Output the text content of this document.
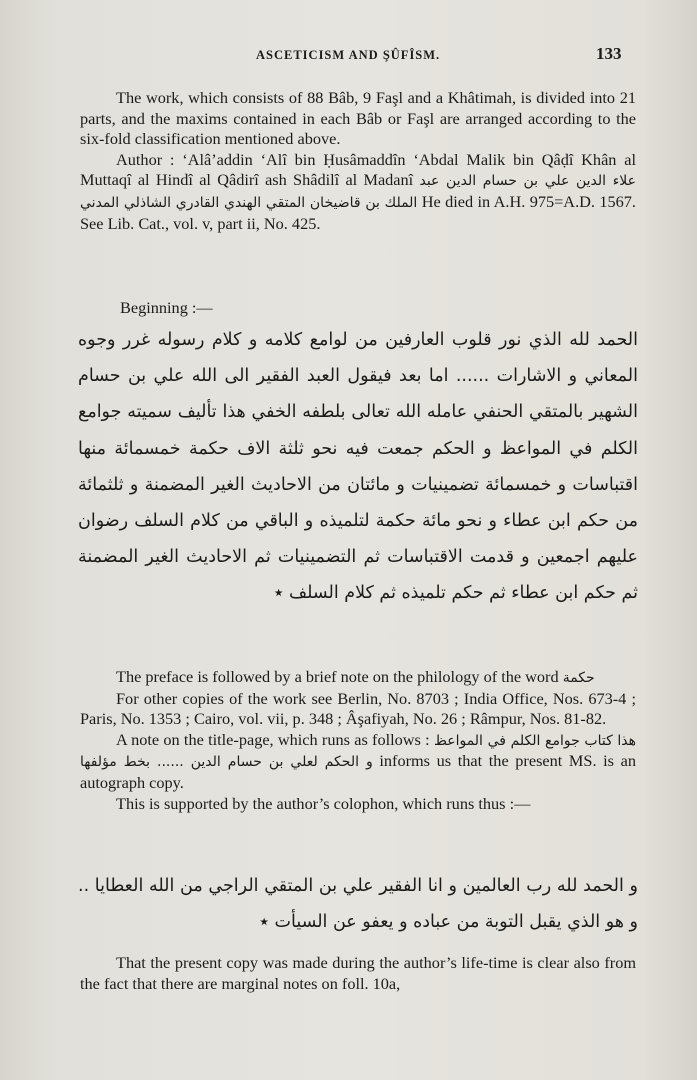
ASCETICISM AND ŞÛFÎSM.	133

The work, which consists of 88 Bâb, 9 Faşl and a Khâtimah, is divided into 21 parts, and the maxims contained in each Bâb or Faşl are arranged according to the six-fold classification mentioned above.

Author : ‘Alâ’addin ‘Alî bin Ḥusâmaddîn ‘Abdal Malik bin Qâḍî Khân al Muttaqî al Hindî al Qâdirî ash Shâdilî al Madanî علاء الدين علي بن حسام الدين عبد الملك بن قاضيخان المتقي الهندي القادري الشاذلي المدني He died in A.H. 975=A.D. 1567. See Lib. Cat., vol. v, part ii, No. 425.

Beginning :—

الحمد لله الذي نور قلوب العارفين من لوامع كلامه و كلام رسوله غرر وجوه المعاني و الاشارات ...... اما بعد فيقول العبد الفقير الى الله علي بن حسام الشهير بالمتقي الحنفي عامله الله تعالى بلطفه الخفي هذا تأليف سميته جوامع الكلم في المواعظ و الحكم جمعت فيه نحو ثلثة الاف حكمة خمسمائة منها اقتباسات و خمسمائة تضمينيات و مائتان من الاحاديث الغير المضمنة و ثلثمائة من حكم ابن عطاء و نحو مائة حكمة لتلميذه و الباقي من كلام السلف رضوان عليهم اجمعين و قدمت الاقتباسات ثم التضمينيات ثم الاحاديث الغير المضمنة ثم حكم ابن عطاء ثم حكم تلميذه ثم كلام السلف ٭

The preface is followed by a brief note on the philology of the word حكمة

For other copies of the work see Berlin, No. 8703 ; India Office, Nos. 673-4 ; Paris, No. 1353 ; Cairo, vol. vii, p. 348 ; Âşafiyah, No. 26 ; Râmpur, Nos. 81-82.

A note on the title-page, which runs as follows : هذا كتاب جوامع الكلم في المواعظ و الحكم لعلي بن حسام الدين ...... بخط مؤلفها informs us that the present MS. is an autograph copy.

This is supported by the author’s colophon, which runs thus :—

و الحمد لله رب العالمين و انا الفقير علي بن المتقي الراجي من الله العطايا .. و هو الذي يقبل التوبة من عباده و يعفو عن السيأت ٭

That the present copy was made during the author’s life-time is clear also from the fact that there are marginal notes on foll. 10a,
